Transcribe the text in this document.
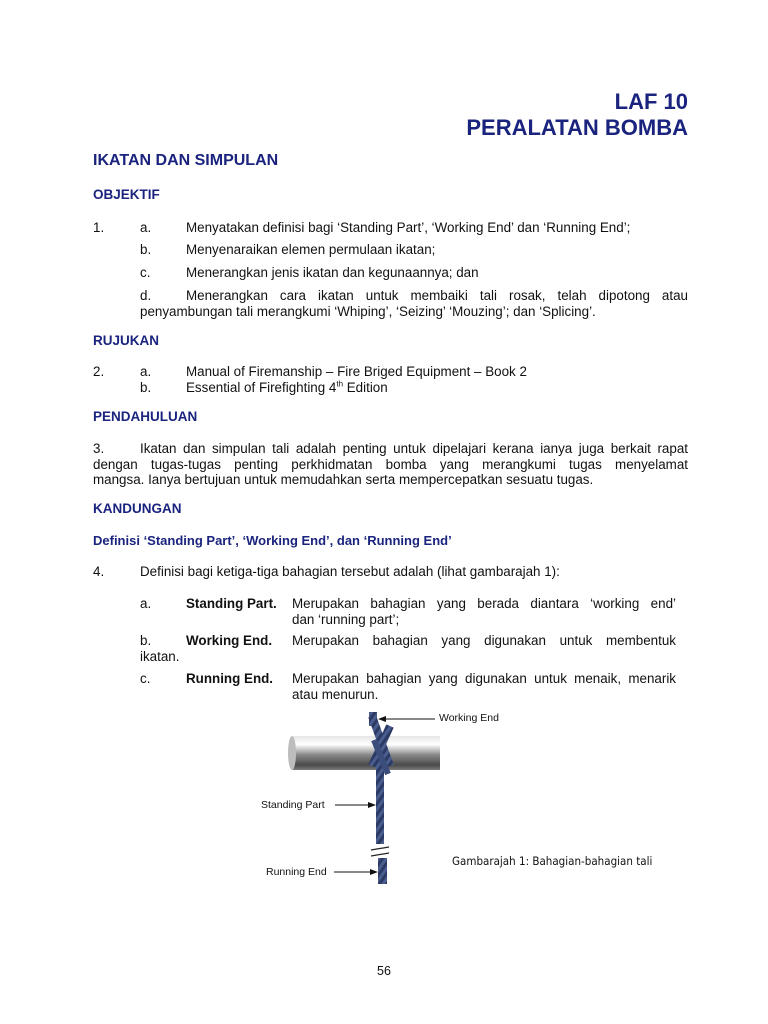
LAF 10
PERALATAN BOMBA
IKATAN DAN SIMPULAN
OBJEKTIF
1.	a.	Menyatakan definisi bagi ‘Standing Part’, ‘Working End’ dan ‘Running End’;
b.	Menyenaraikan elemen permulaan ikatan;
c.	Menerangkan jenis ikatan dan kegunaannya; dan
d.	Menerangkan cara ikatan untuk membaiki tali rosak, telah dipotong atau
penyambungan tali merangkumi ‘Whiping’, ‘Seizing’ ‘Mouzing’; dan ‘Splicing’.
RUJUKAN
2.	a.	Manual of Firemanship – Fire Briged Equipment – Book 2
b.	Essential of Firefighting 4th Edition
PENDAHULUAN
3.	Ikatan dan simpulan tali adalah penting untuk dipelajari kerana ianya juga berkait rapat
dengan tugas-tugas penting perkhidmatan bomba yang merangkumi tugas menyelamat
mangsa. Ianya bertujuan untuk memudahkan serta mempercepatkan sesuatu tugas.
KANDUNGAN
Definisi ‘Standing Part’, ‘Working End’, dan ‘Running End’
4.	Definisi bagi ketiga-tiga bahagian tersebut adalah (lihat gambarajah 1):
a.	Standing Part. Merupakan bahagian yang berada diantara ‘working end’
dan ‘running part’;
b.	Working End. Merupakan bahagian yang digunakan untuk membentuk
ikatan.
c.	Running End. Merupakan bahagian yang digunakan untuk menaik, menarik
atau menurun.
Working End
Standing Part
Running End
Gambarajah 1: Bahagian-bahagian tali
56
